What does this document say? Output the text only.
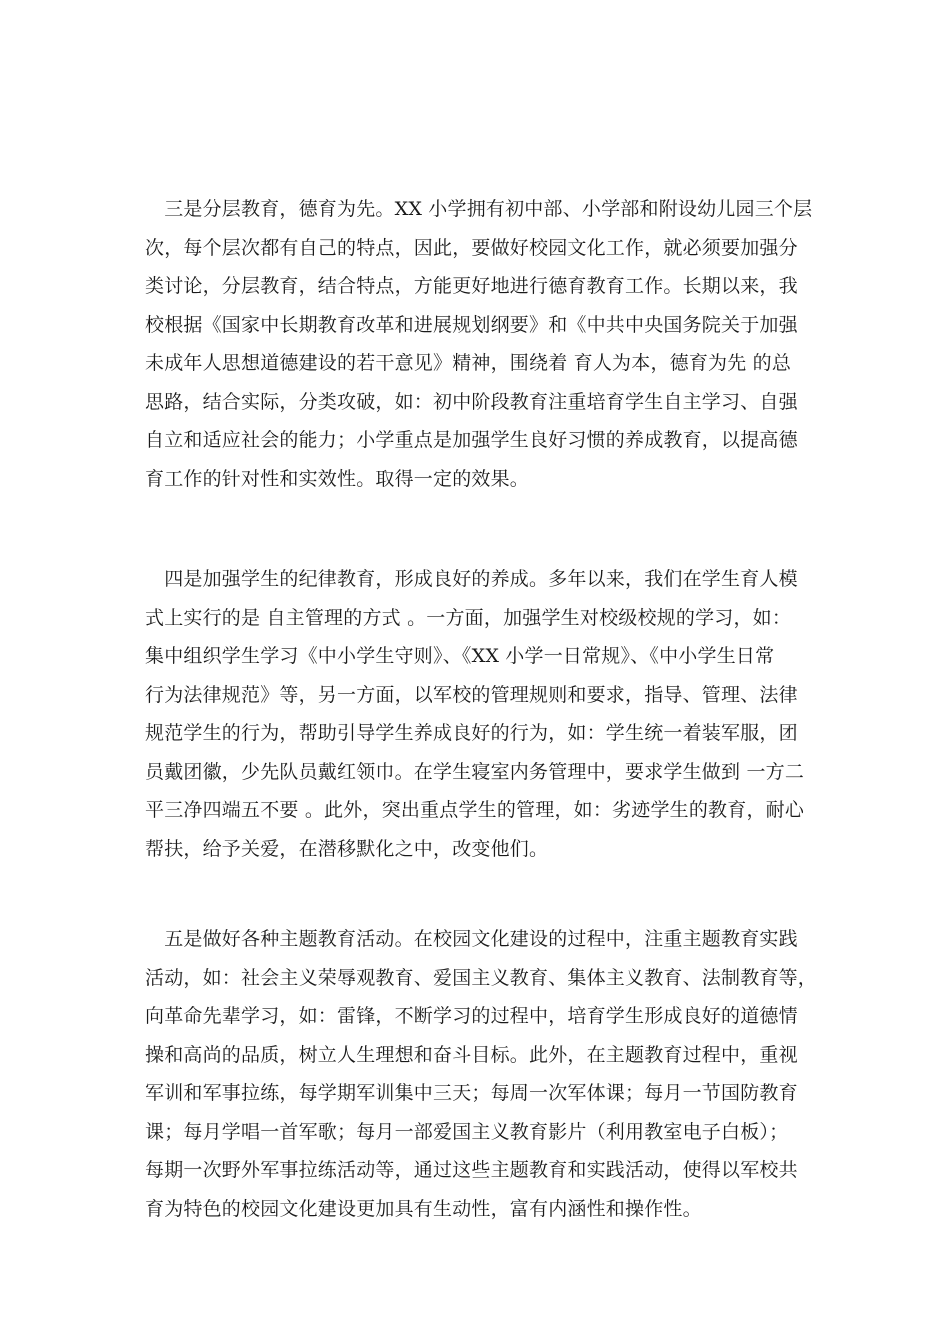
　三是分层教育，德育为先。XX 小学拥有初中部、小学部和附设幼儿园三个层
次，每个层次都有自己的特点，因此，要做好校园文化工作，就必须要加强分
类讨论，分层教育，结合特点，方能更好地进行德育教育工作。长期以来，我
校根据《国家中长期教育改革和进展规划纲要》和《中共中央国务院关于加强
未成年人思想道德建设的若干意见》精神，围绕着 育人为本，德育为先 的总
思路，结合实际，分类攻破，如：初中阶段教育注重培育学生自主学习、自强
自立和适应社会的能力；小学重点是加强学生良好习惯的养成教育，以提高德
育工作的针对性和实效性。取得一定的效果。
　四是加强学生的纪律教育，形成良好的养成。多年以来，我们在学生育人模
式上实行的是 自主管理的方式 。一方面，加强学生对校级校规的学习，如：
集中组织学生学习《中小学生守则》、《XX 小学一日常规》、《中小学生日常
行为法律规范》等，另一方面，以军校的管理规则和要求，指导、管理、法律
规范学生的行为，帮助引导学生养成良好的行为，如：学生统一着装军服，团
员戴团徽，少先队员戴红领巾。在学生寝室内务管理中，要求学生做到 一方二
平三净四端五不要 。此外，突出重点学生的管理，如：劣迹学生的教育，耐心
帮扶，给予关爱，在潜移默化之中，改变他们。
　五是做好各种主题教育活动。在校园文化建设的过程中，注重主题教育实践
活动，如：社会主义荣辱观教育、爱国主义教育、集体主义教育、法制教育等，
向革命先辈学习，如：雷锋，不断学习的过程中，培育学生形成良好的道德情
操和高尚的品质，树立人生理想和奋斗目标。此外，在主题教育过程中，重视
军训和军事拉练，每学期军训集中三天；每周一次军体课；每月一节国防教育
课；每月学唱一首军歌；每月一部爱国主义教育影片（利用教室电子白板）；
每期一次野外军事拉练活动等，通过这些主题教育和实践活动，使得以军校共
育为特色的校园文化建设更加具有生动性，富有内涵性和操作性。
